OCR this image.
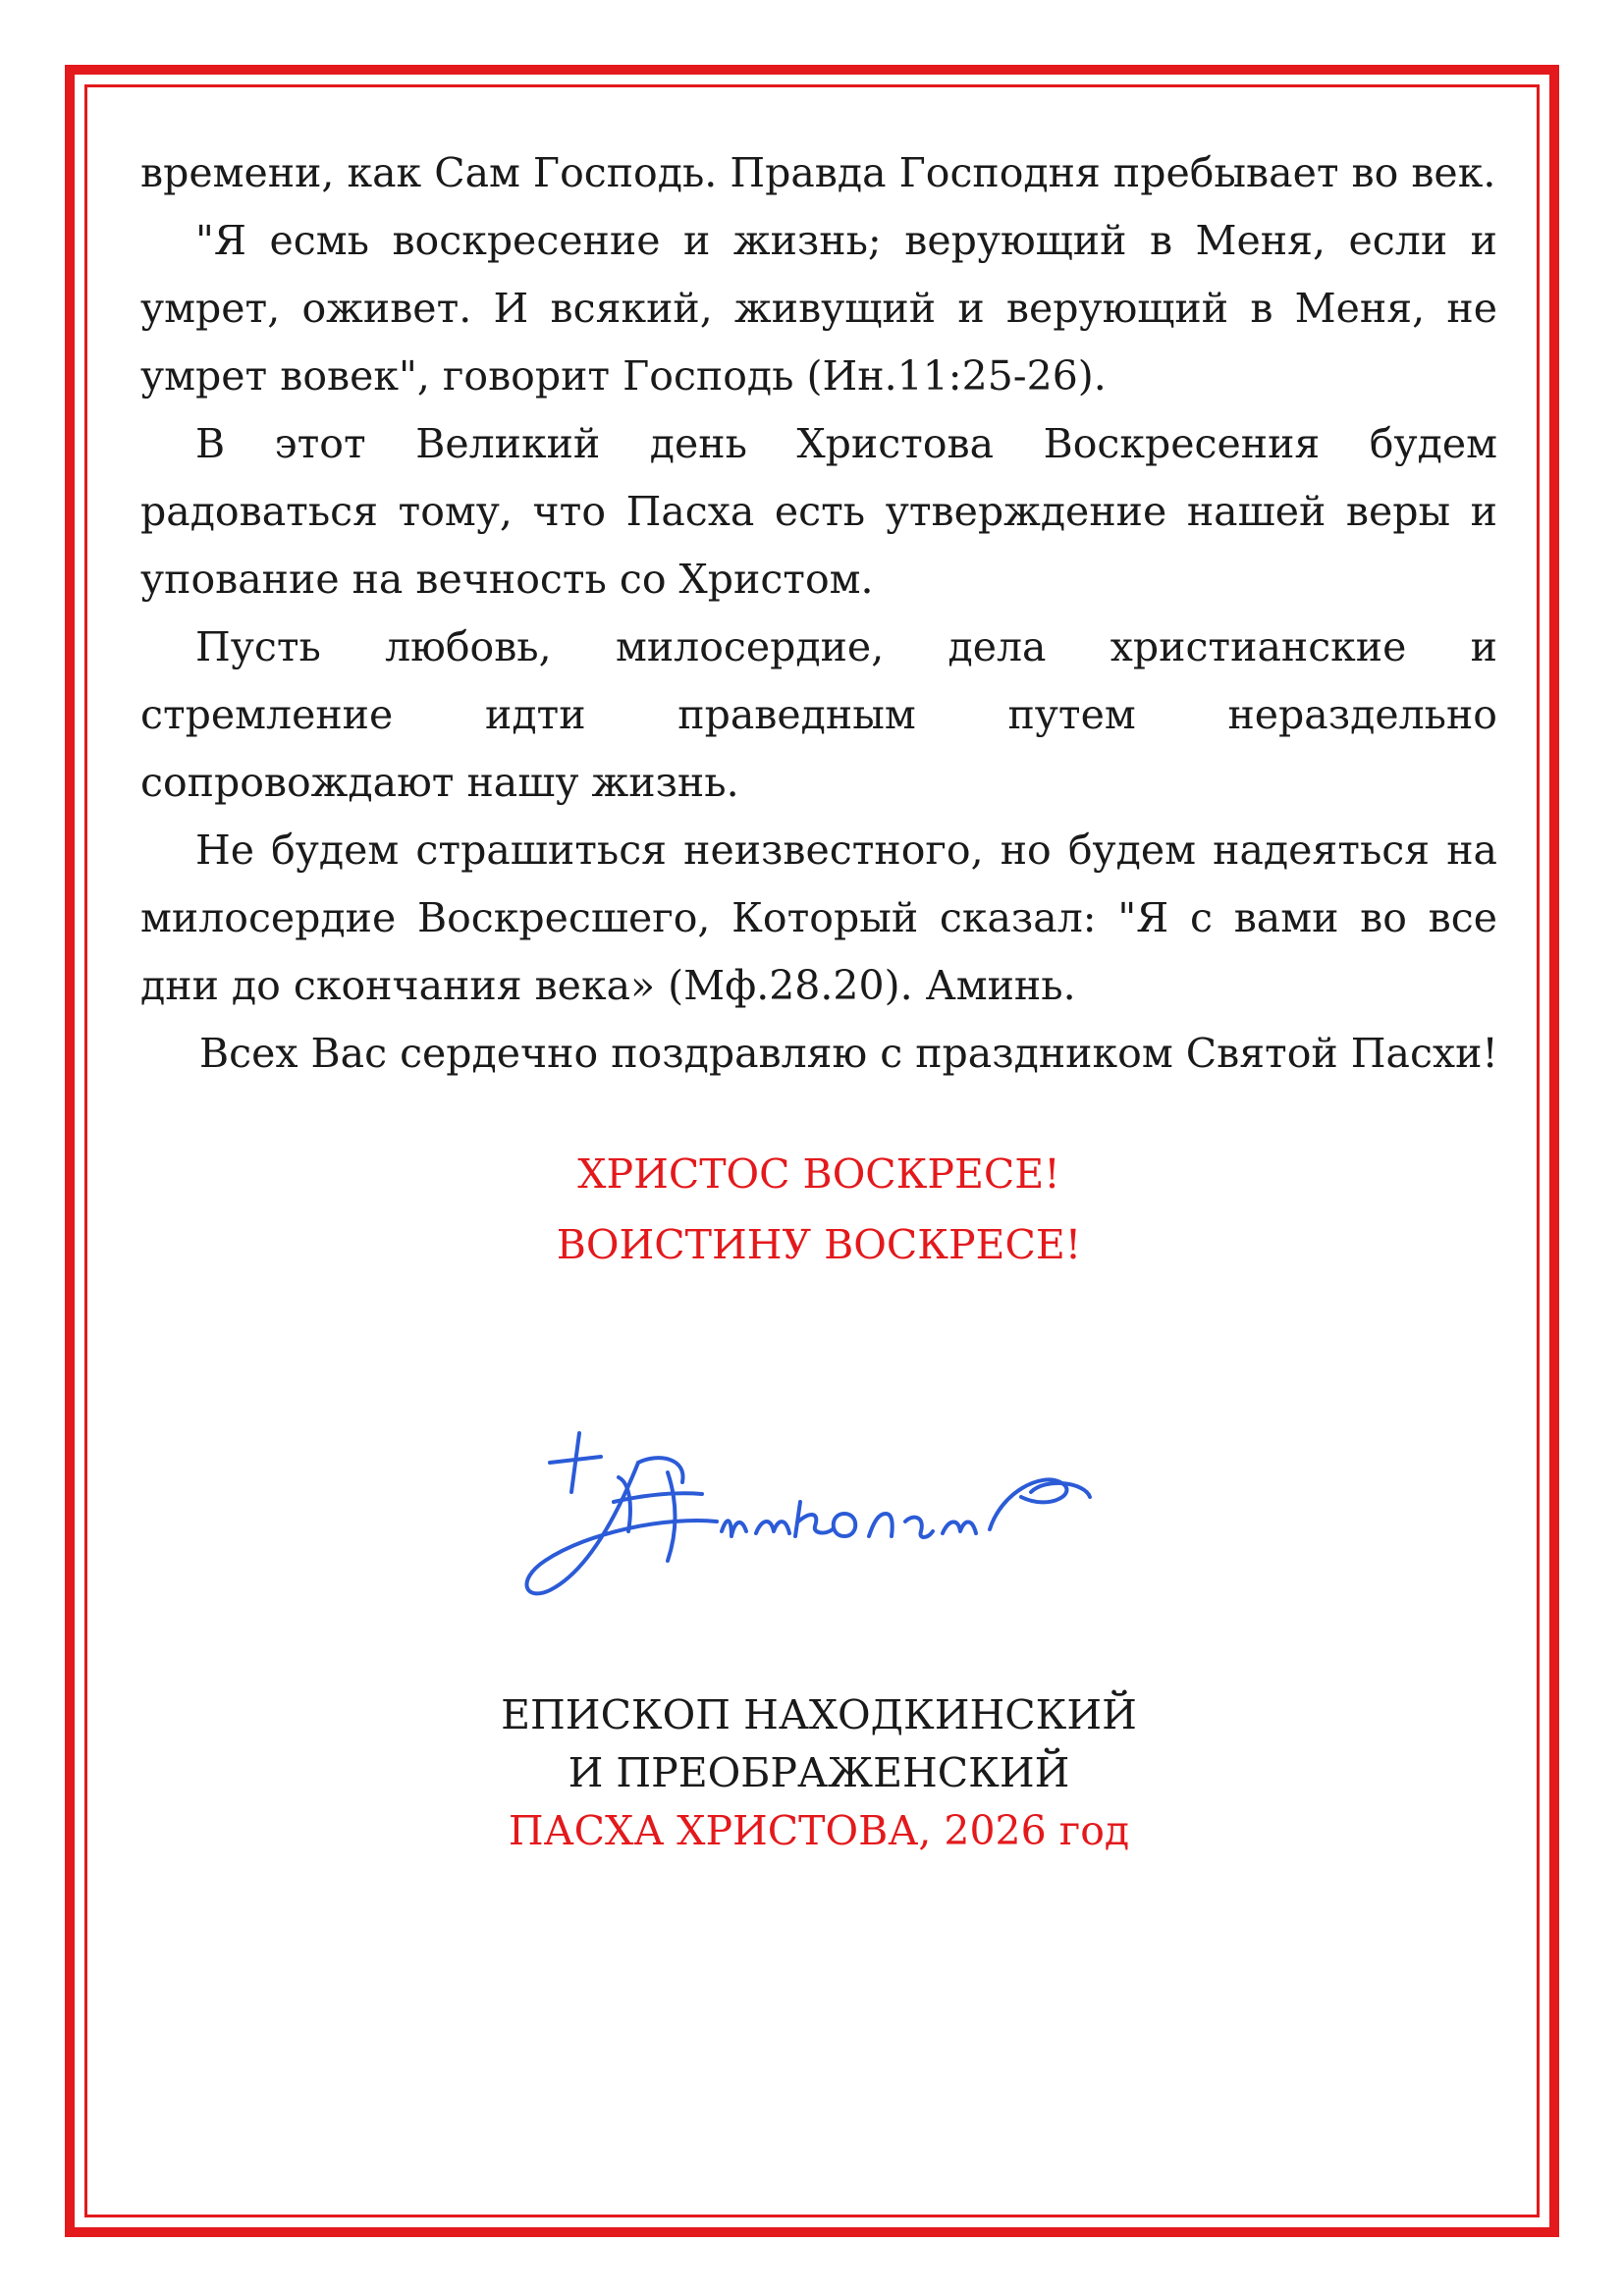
времени, как Сам Господь. Правда Господня пребывает во век.

"Я есмь воскресение и жизнь; верующий в Меня, если и умрет, оживет. И всякий, живущий и верующий в Меня, не умрет вовек", говорит Господь (Ин.11:25-26).

В этот Великий день Христова Воскресения будем радоваться тому, что Пасха есть утверждение нашей веры и упование на вечность со Христом.

Пусть любовь, милосердие, дела христианские и стремление идти праведным путем нераздельно сопровождают нашу жизнь.

Не будем страшиться неизвестного, но будем надеяться на милосердие Воскресшего, Который сказал: "Я с вами во все дни до скончания века» (Мф.28.20). Аминь.

Всех Вас сердечно поздравляю с праздником Святой Пасхи!

ХРИСТОС ВОСКРЕСЕ!

ВОИСТИНУ ВОСКРЕСЕ!

ЕПИСКОП НАХОДКИНСКИЙ

И ПРЕОБРАЖЕНСКИЙ

ПАСХА ХРИСТОВА, 2026 год
